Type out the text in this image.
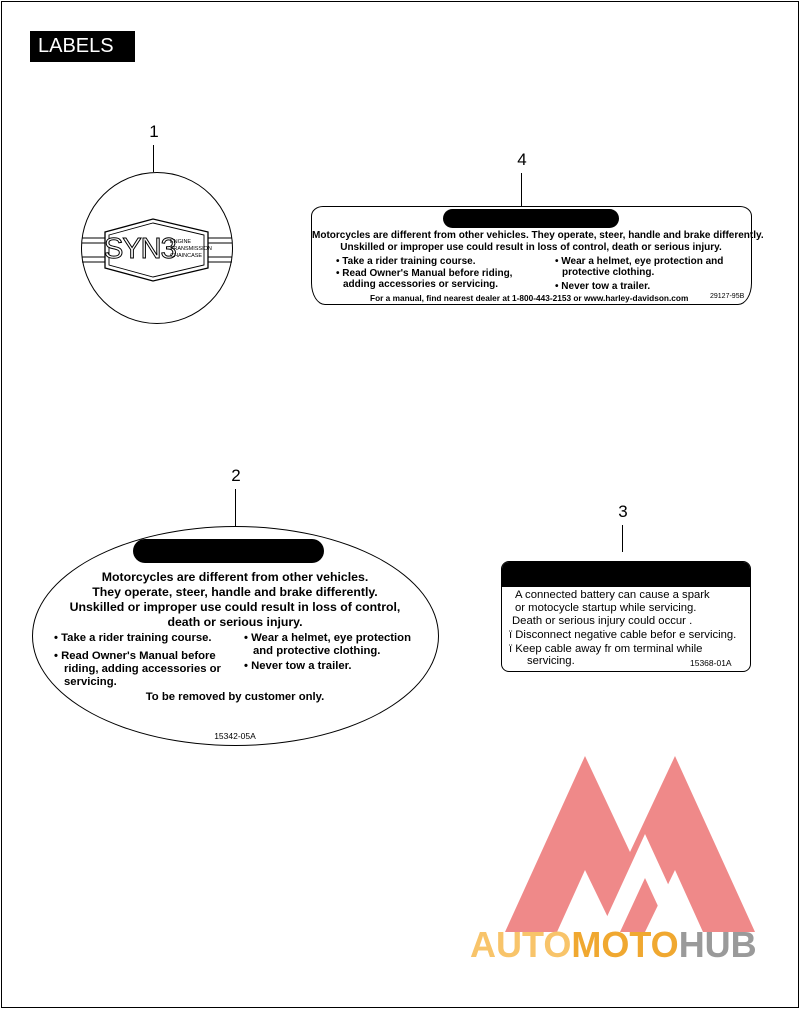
LABELS
1
SYN3
ENGINE
TRANSMISSION
CHAINCASE
4
Motorcycles are different from other vehicles. They operate, steer, handle and brake differently.
Unskilled or improper use could result in loss of control, death or serious injury.
• Take a rider training course.
• Read Owner's Manual before riding,
adding accessories or servicing.
• Wear a helmet, eye protection and
protective clothing.
• Never tow a trailer.
For a manual, find nearest dealer at 1-800-443-2153 or www.harley-davidson.com	29127-95B
2
Motorcycles are different from other vehicles.
They operate, steer, handle and brake differently.
Unskilled or improper use could result in loss of control,
death or serious injury.
• Take a rider training course.
• Read Owner's Manual before
riding, adding accessories or
servicing.
• Wear a helmet, eye protection
and protective clothing.
• Never tow a trailer.
To be removed by customer only.
15342-05A
3
A connected battery can cause a spark
or motocycle startup while servicing.
Death or serious injury could occur .
ï Disconnect negative cable befor e servicing.
ï Keep cable away fr om terminal while
servicing.	15368-01A
AUTOMOTOHUB
